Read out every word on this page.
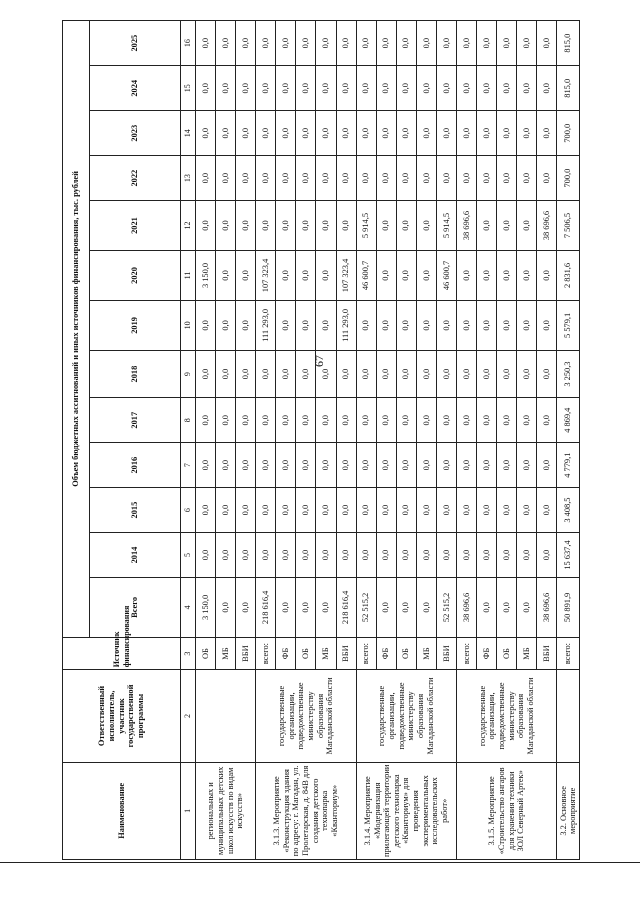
67
Наименование	Ответственный исполнитель, участник государственной программы	Источник финансирования	Объем бюджетных ассигнований и иных источников финансирования, тыс. рублей												
			Всего	2014	2015	2016	2017	2018	2019	2020	2021	2022	2023	2024	2025
1	2	3	4	5	6	7	8	9	10	11	12	13	14	15	16
региональных и муниципальных детских школ искусств по видам искусств»		ОБ	3 150,0	0,0	0,0	0,0	0,0	0,0	0,0	3 150,0	0,0	0,0	0,0	0,0	0,0
		МБ	0,0	0,0	0,0	0,0	0,0	0,0	0,0	0,0	0,0	0,0	0,0	0,0	0,0
		ВБИ	0,0	0,0	0,0	0,0	0,0	0,0	0,0	0,0	0,0	0,0	0,0	0,0	0,0
3.1.3. Мероприятие «Реконструкция здания по адресу: г. Магадан, ул. Пролетарская, д. 84В для создания детского технопарка «Кванториум»	государственные организации, подведомственные министерству образования Магаданской области	всего:	218 616,4	0,0	0,0	0,0	0,0	0,0	111 293,0	107 323,4	0,0	0,0	0,0	0,0	0,0
		ФБ	0,0	0,0	0,0	0,0	0,0	0,0	0,0	0,0	0,0	0,0	0,0	0,0	0,0
		ОБ	0,0	0,0	0,0	0,0	0,0	0,0	0,0	0,0	0,0	0,0	0,0	0,0	0,0
		МБ	0,0	0,0	0,0	0,0	0,0	0,0	0,0	0,0	0,0	0,0	0,0	0,0	0,0
		ВБИ	218 616,4	0,0	0,0	0,0	0,0	0,0	111 293,0	107 323,4	0,0	0,0	0,0	0,0	0,0
3.1.4. Мероприятие «Модернизация прилегающей территории детского технопарка «Кванториум» для проведения экспериментальных исследовательских работ»	государственные организации, подведомственные министерству образования Магаданской области	всего:	52 515,2	0,0	0,0	0,0	0,0	0,0	0,0	46 600,7	5 914,5	0,0	0,0	0,0	0,0
		ФБ	0,0	0,0	0,0	0,0	0,0	0,0	0,0	0,0	0,0	0,0	0,0	0,0	0,0
		ОБ	0,0	0,0	0,0	0,0	0,0	0,0	0,0	0,0	0,0	0,0	0,0	0,0	0,0
		МБ	0,0	0,0	0,0	0,0	0,0	0,0	0,0	0,0	0,0	0,0	0,0	0,0	0,0
		ВБИ	52 515,2	0,0	0,0	0,0	0,0	0,0	0,0	46 600,7	5 914,5	0,0	0,0	0,0	0,0
3.1.5. Мероприятие «Строительство ангаров для хранения техники ЗОЛ Северный Артек»	государственные организации, подведомственные министерству образования Магаданской области	всего:	38 696,6	0,0	0,0	0,0	0,0	0,0	0,0	0,0	38 696,6	0,0	0,0	0,0	0,0
		ФБ	0,0	0,0	0,0	0,0	0,0	0,0	0,0	0,0	0,0	0,0	0,0	0,0	0,0
		ОБ	0,0	0,0	0,0	0,0	0,0	0,0	0,0	0,0	0,0	0,0	0,0	0,0	0,0
		МБ	0,0	0,0	0,0	0,0	0,0	0,0	0,0	0,0	0,0	0,0	0,0	0,0	0,0
		ВБИ	38 696,6	0,0	0,0	0,0	0,0	0,0	0,0	0,0	38 696,6	0,0	0,0	0,0	0,0
3.2. Основное мероприятие		всего:	50 891,9	15 637,4	3 408,5	4 779,1	4 869,4	3 250,3	5 579,1	2 831,6	7 506,5	700,0	700,0	815,0	815,0
